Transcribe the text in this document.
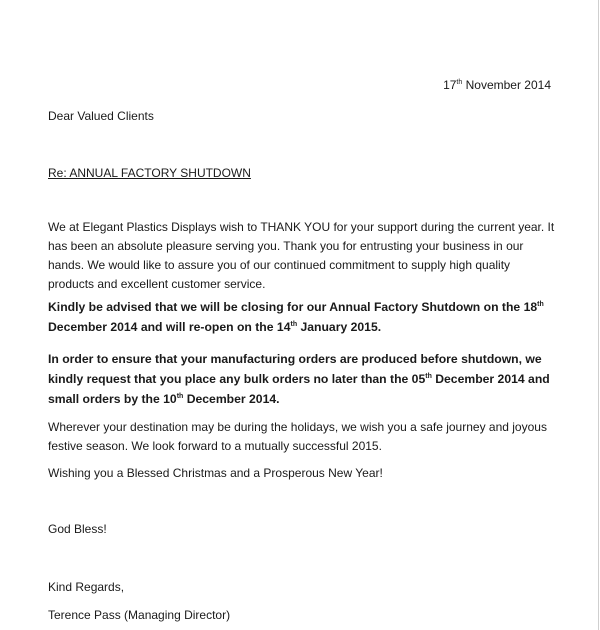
17th November 2014
Dear Valued Clients
Re: ANNUAL FACTORY SHUTDOWN
We at Elegant Plastics Displays wish to THANK YOU for your support during the current year. It has been an absolute pleasure serving you. Thank you for entrusting your business in our hands. We would like to assure you of our continued commitment to supply high quality products and excellent customer service.
Kindly be advised that we will be closing for our Annual Factory Shutdown on the 18th December 2014 and will re-open on the 14th January 2015.
In order to ensure that your manufacturing orders are produced before shutdown, we kindly request that you place any bulk orders no later than the 05th December 2014 and small orders by the 10th December 2014.
Wherever your destination may be during the holidays, we wish you a safe journey and joyous festive season. We look forward to a mutually successful 2015.
Wishing you a Blessed Christmas and a Prosperous New Year!
God Bless!
Kind Regards,
Terence Pass (Managing Director)
